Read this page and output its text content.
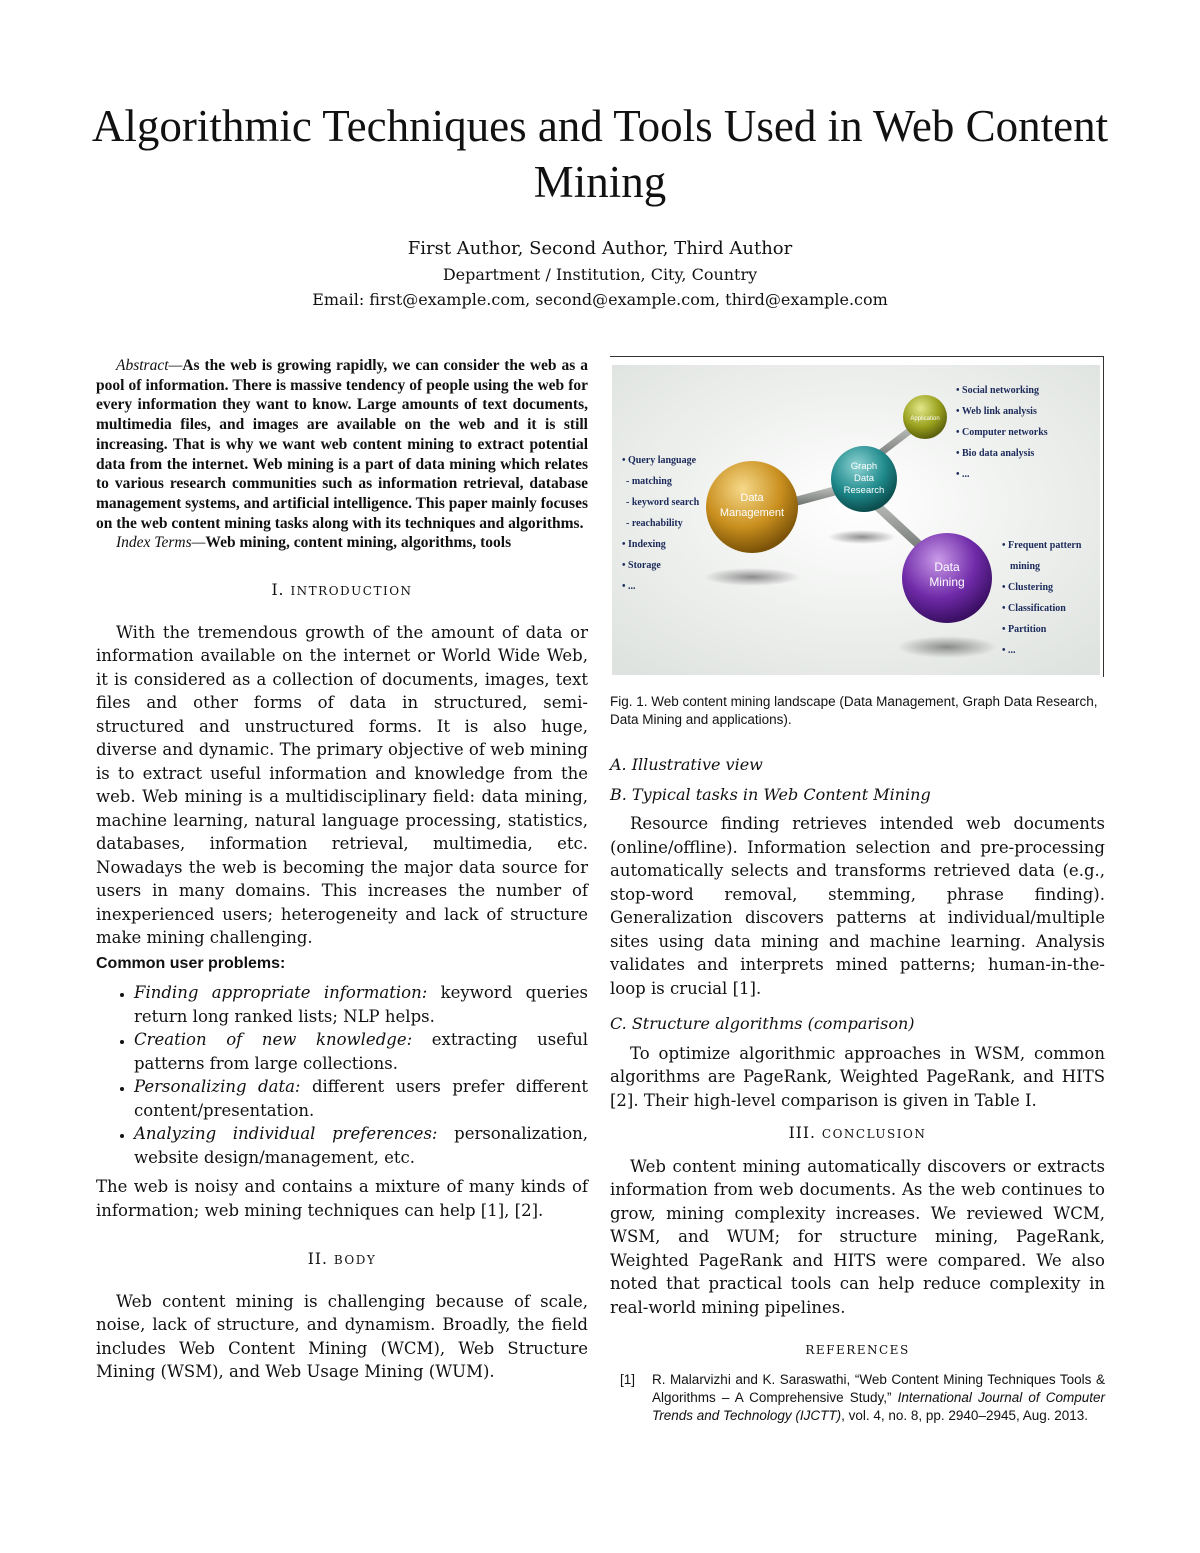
Algorithmic Techniques and Tools Used in Web Content Mining
First Author, Second Author, Third Author
Department / Institution, City, Country
Email: first@example.com, second@example.com, third@example.com

Abstract—As the web is growing rapidly, we can consider the web as a pool of information. There is massive tendency of people using the web for every information they want to know. Large amounts of text documents, multimedia files, and images are available on the web and it is still increasing. That is why we want web content mining to extract potential data from the internet. Web mining is a part of data mining which relates to various research communities such as information retrieval, database management systems, and artificial intelligence. This paper mainly focuses on the web content mining tasks along with its techniques and algorithms.

Index Terms—Web mining, content mining, algorithms, tools

I. INTRODUCTION

With the tremendous growth of the amount of data or information available on the internet or World Wide Web, it is considered as a collection of documents, images, text files and other forms of data in structured, semi-structured and unstructured forms. It is also huge, diverse and dynamic. The primary objective of web mining is to extract useful information and knowledge from the web. Web mining is a multidisciplinary field: data mining, machine learning, natural language processing, statistics, databases, information retrieval, multimedia, etc. Nowadays the web is becoming the major data source for users in many domains. This increases the number of inexperienced users; heterogeneity and lack of structure make mining challenging.

Common user problems:
• Finding appropriate information: keyword queries return long ranked lists; NLP helps.
• Creation of new knowledge: extracting useful patterns from large collections.
• Personalizing data: different users prefer different content/presentation.
• Analyzing individual preferences: personalization, website design/management, etc.

The web is noisy and contains a mixture of many kinds of information; web mining techniques can help [1], [2].

II. BODY

Web content mining is challenging because of scale, noise, lack of structure, and dynamism. Broadly, the field includes Web Content Mining (WCM), Web Structure Mining (WSM), and Web Usage Mining (WUM).

Data
Management
Graph
Data
Research
Data
Mining
Application
• Query language
- matching
- keyword search
- reachability
• Indexing
• Storage
• ...
• Social networking
• Web link analysis
• Computer networks
• Bio data analysis
• ...
• Frequent pattern
mining
• Clustering
• Classification
• Partition
• ...
Fig. 1. Web content mining landscape (Data Management, Graph Data Research, Data Mining and applications).
A. Illustrative view
B. Typical tasks in Web Content Mining

Resource finding retrieves intended web documents (online/offline). Information selection and pre-processing automatically selects and transforms retrieved data (e.g., stop-word removal, stemming, phrase finding). Generalization discovers patterns at individual/multiple sites using data mining and machine learning. Analysis validates and interprets mined patterns; human-in-the-loop is crucial [1].

C. Structure algorithms (comparison)

To optimize algorithmic approaches in WSM, common algorithms are PageRank, Weighted PageRank, and HITS [2]. Their high-level comparison is given in Table I.

III. CONCLUSION

Web content mining automatically discovers or extracts information from web documents. As the web continues to grow, mining complexity increases. We reviewed WCM, WSM, and WUM; for structure mining, PageRank, Weighted PageRank and HITS were compared. We also noted that practical tools can help reduce complexity in real-world mining pipelines.

REFERENCES
[1]	R. Malarvizhi and K. Saraswathi, “Web Content Mining Techniques Tools & Algorithms – A Comprehensive Study,” International Journal of Computer Trends and Technology (IJCTT), vol. 4, no. 8, pp. 2940–2945, Aug. 2013.
